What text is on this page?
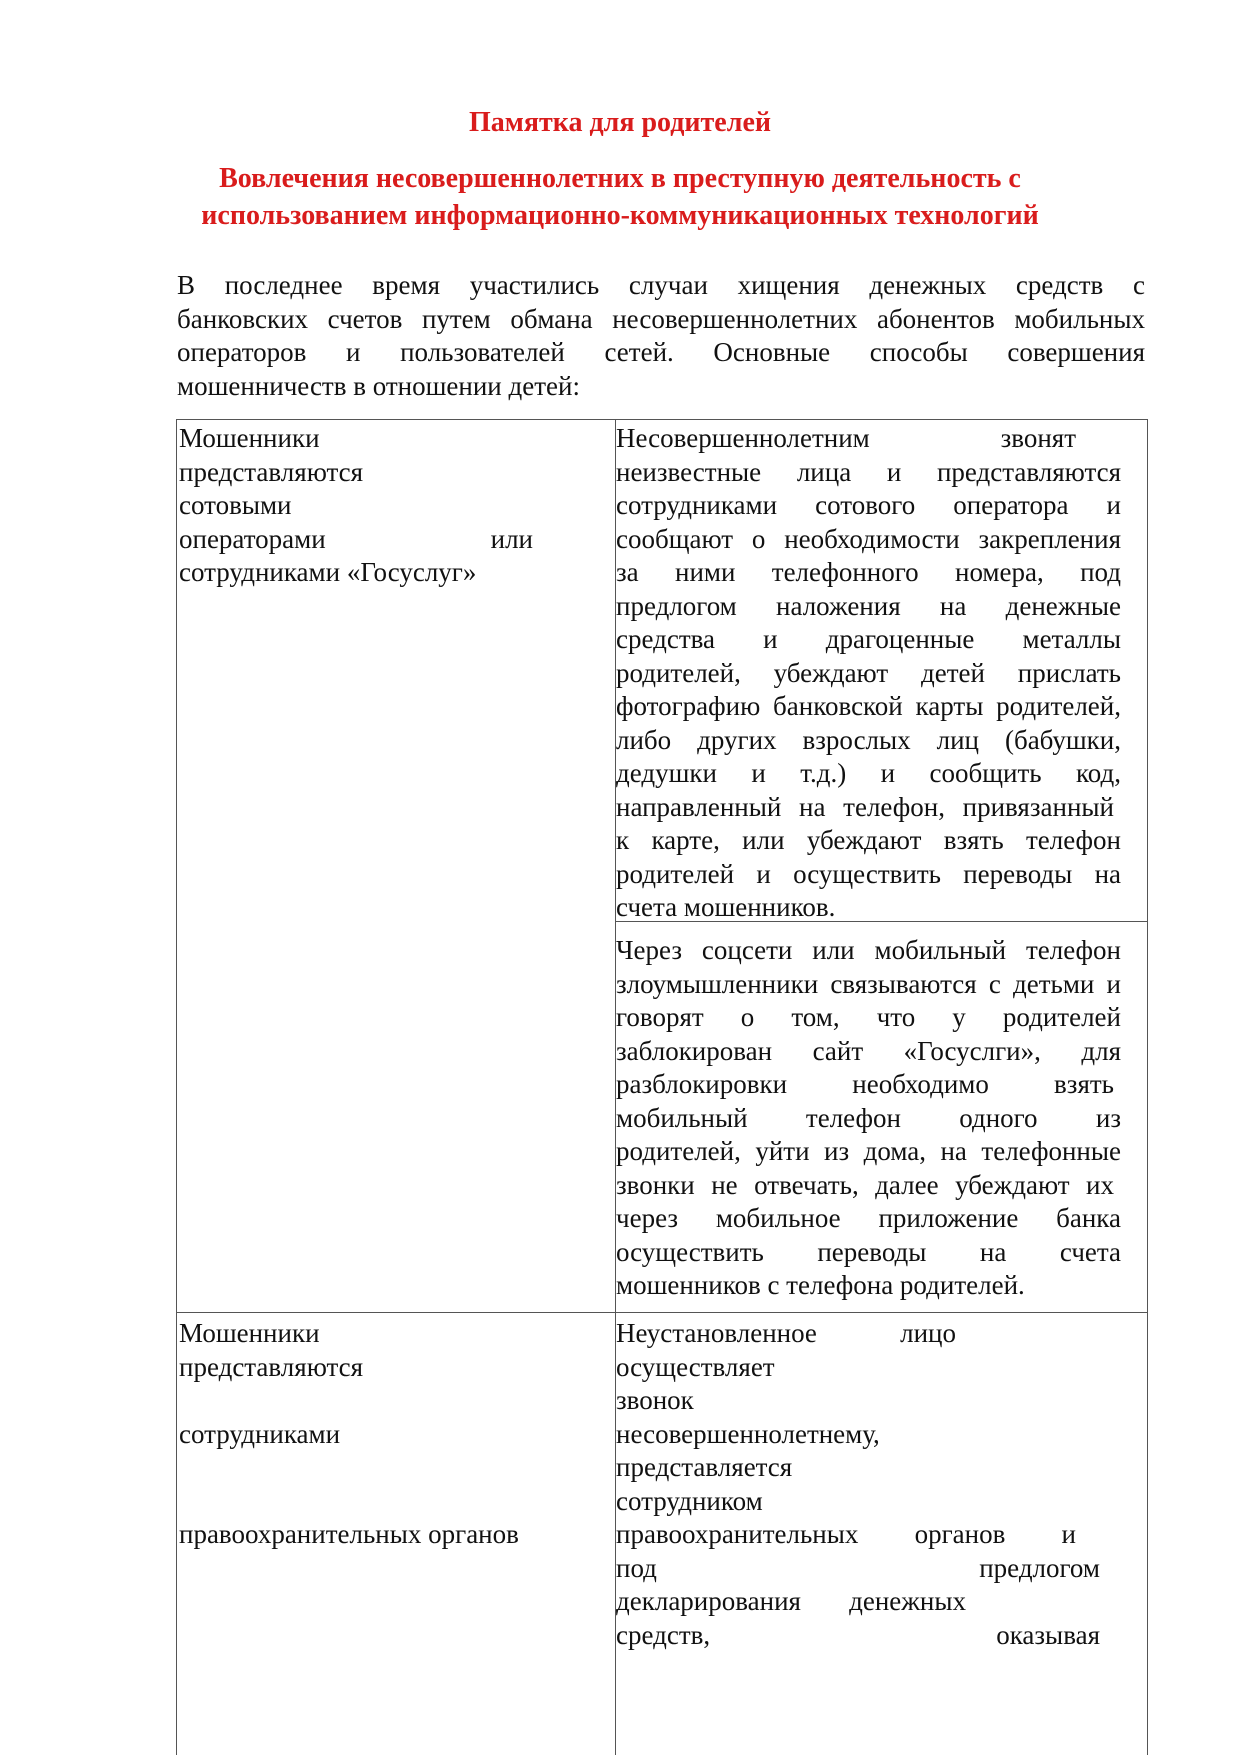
Памятка для родителей
Вовлечения несовершеннолетних в преступную деятельность с
использованием информационно-коммуникационных технологий

В последнее время участились случаи хищения денежных средств с
банковских счетов путем обмана несовершеннолетних абонентов мобильных
операторов и пользователей сетей. Основные способы совершения
мошенничеств в отношении детей:

Мошенники
представляются
сотовыми
операторами или
сотрудниками «Госуслуг»
Несовершеннолетним звонят
неизвестные лица и представляются
сотрудниками сотового оператора и
сообщают о необходимости закрепления
за ними телефонного номера, под
предлогом наложения на денежные
средства и драгоценные металлы
родителей, убеждают детей прислать
фотографию банковской карты родителей,
либо других взрослых лиц (бабушки,
дедушки и т.д.) и сообщить код,
направленный на телефон, привязанный
к карте, или убеждают взять телефон
родителей и осуществить переводы на
счета мошенников.
Через соцсети или мобильный телефон
злоумышленники связываются с детьми и
говорят о том, что у родителей
заблокирован сайт «Госуслги», для
разблокировки необходимо взять
мобильный телефон одного из
родителей, уйти из дома, на телефонные
звонки не отвечать, далее убеждают их
через мобильное приложение банка
осуществить переводы на счета
мошенников с телефона родителей.
Мошенники
представляются
сотрудниками
правоохранительных органов
Неустановленное лицо
осуществляет
звонок
несовершеннолетнему,
представляется
сотрудником
правоохранительных органов и
под предлогом
декларирования денежных
средств, оказывая
